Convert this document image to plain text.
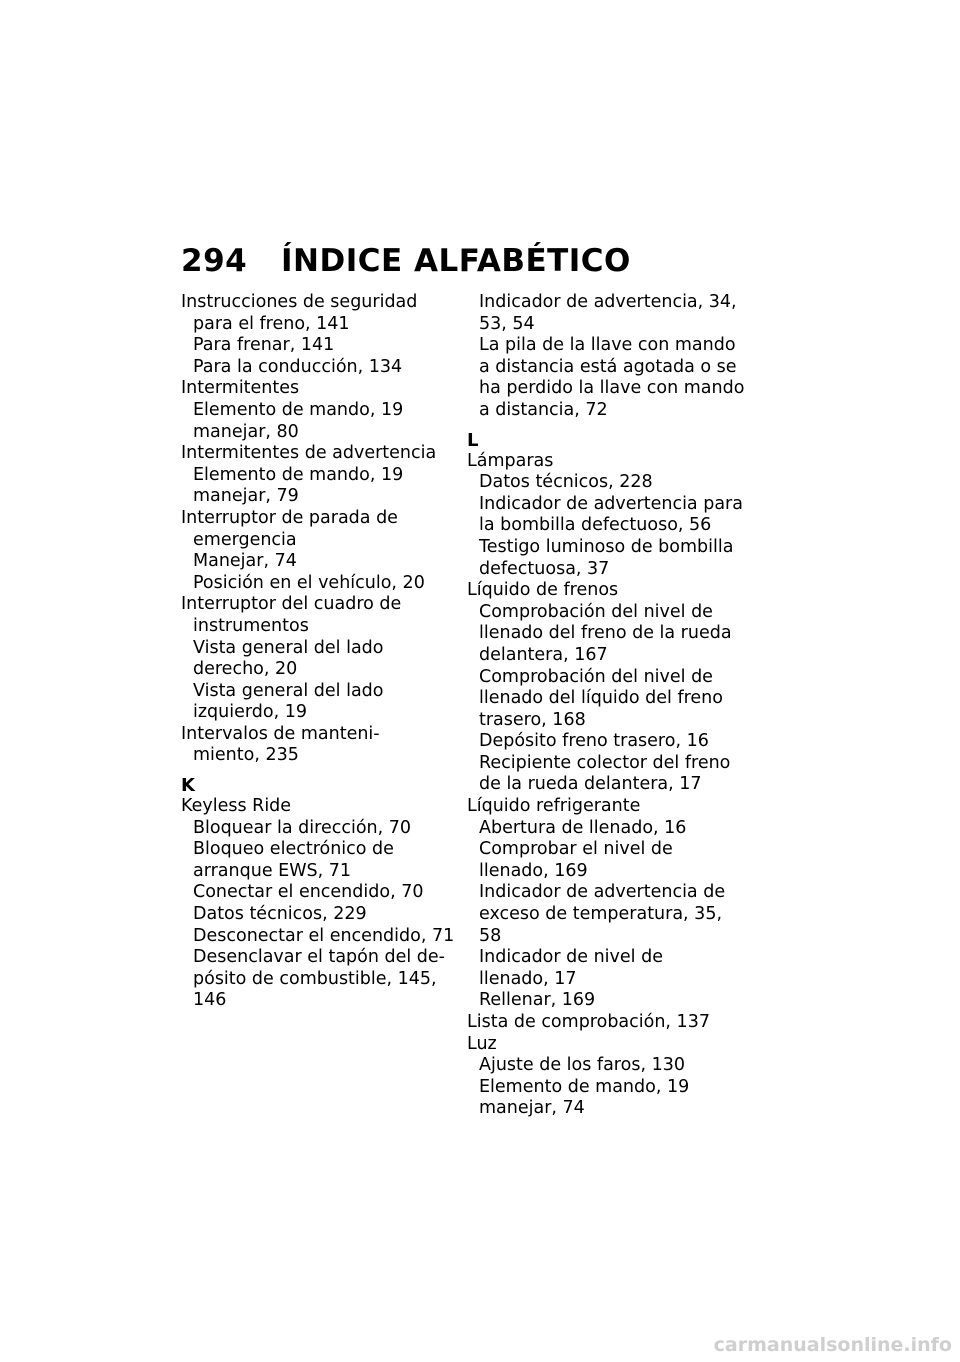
294 ÍNDICE ALFABÉTICO
Instrucciones de seguridad
para el freno, 141
Para frenar, 141
Para la conducción, 134
Intermitentes
Elemento de mando, 19
manejar, 80
Intermitentes de advertencia
Elemento de mando, 19
manejar, 79
Interruptor de parada de
emergencia
Manejar, 74
Posición en el vehículo, 20
Interruptor del cuadro de
instrumentos
Vista general del lado
derecho, 20
Vista general del lado
izquierdo, 19
Intervalos de manteni-
miento, 235
K
Keyless Ride
Bloquear la dirección, 70
Bloqueo electrónico de
arranque EWS, 71
Conectar el encendido, 70
Datos técnicos, 229
Desconectar el encendido, 71
Desenclavar el tapón del de-
pósito de combustible, 145,
146
Indicador de advertencia, 34,
53, 54
La pila de la llave con mando
a distancia está agotada o se
ha perdido la llave con mando
a distancia, 72
L
Lámparas
Datos técnicos, 228
Indicador de advertencia para
la bombilla defectuoso, 56
Testigo luminoso de bombilla
defectuosa, 37
Líquido de frenos
Comprobación del nivel de
llenado del freno de la rueda
delantera, 167
Comprobación del nivel de
llenado del líquido del freno
trasero, 168
Depósito freno trasero, 16
Recipiente colector del freno
de la rueda delantera, 17
Líquido refrigerante
Abertura de llenado, 16
Comprobar el nivel de
llenado, 169
Indicador de advertencia de
exceso de temperatura, 35,
58
Indicador de nivel de
llenado, 17
Rellenar, 169
Lista de comprobación, 137
Luz
Ajuste de los faros, 130
Elemento de mando, 19
manejar, 74
carmanualsonline.info
